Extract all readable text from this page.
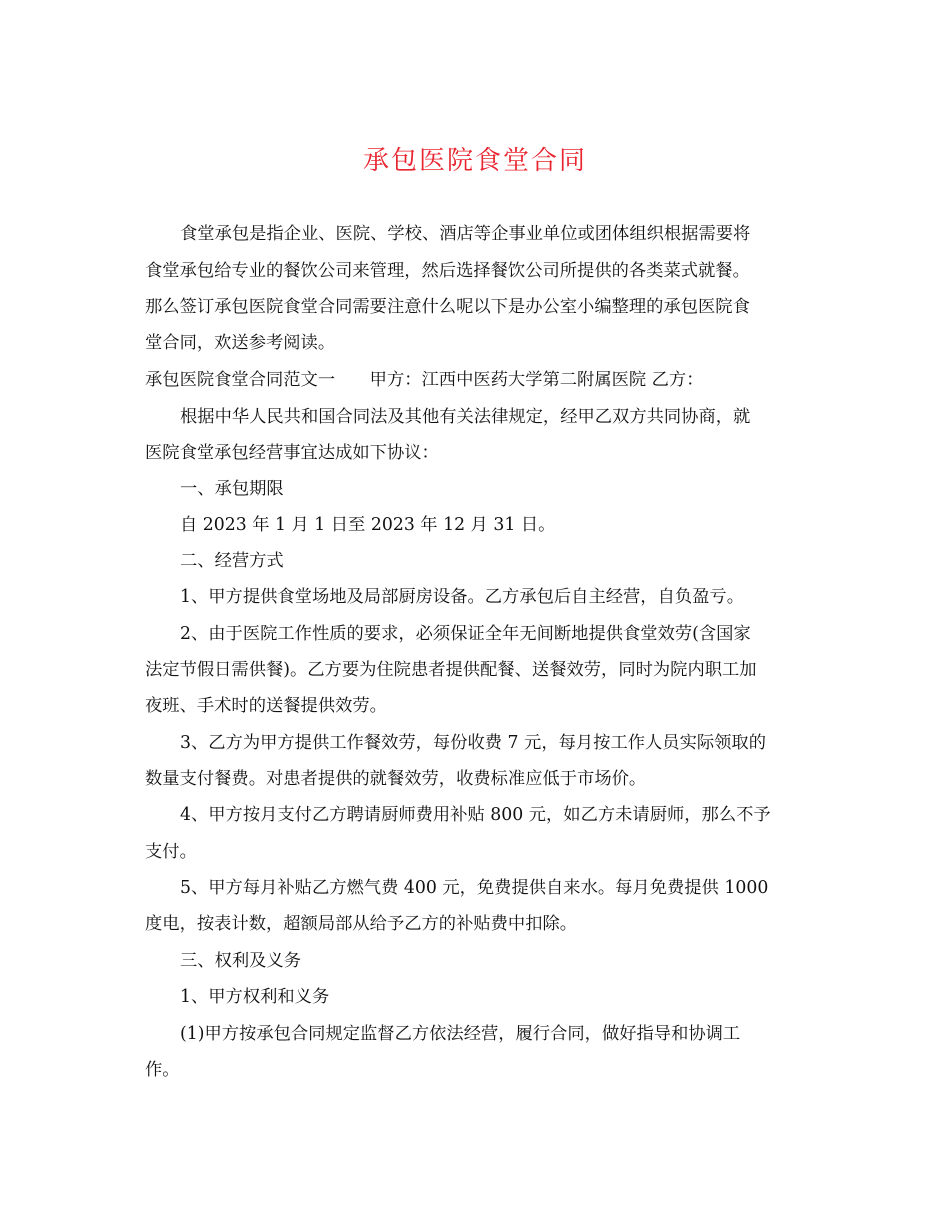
承包医院食堂合同
食堂承包是指企业、医院、学校、酒店等企事业单位或团体组织根据需要将
食堂承包给专业的餐饮公司来管理，然后选择餐饮公司所提供的各类菜式就餐。
那么签订承包医院食堂合同需要注意什么呢以下是办公室小编整理的承包医院食
堂合同，欢送参考阅读。
承包医院食堂合同范文一　　甲方：江西中医药大学第二附属医院 乙方：
根据中华人民共和国合同法及其他有关法律规定，经甲乙双方共同协商，就
医院食堂承包经营事宜达成如下协议：
一、承包期限
自 2023 年 1 月 1 日至 2023 年 12 月 31 日。
二、经营方式
1、甲方提供食堂场地及局部厨房设备。乙方承包后自主经营，自负盈亏。
2、由于医院工作性质的要求，必须保证全年无间断地提供食堂效劳(含国家
法定节假日需供餐)。乙方要为住院患者提供配餐、送餐效劳，同时为院内职工加
夜班、手术时的送餐提供效劳。
3、乙方为甲方提供工作餐效劳，每份收费 7 元，每月按工作人员实际领取的
数量支付餐费。对患者提供的就餐效劳，收费标准应低于市场价。
4、甲方按月支付乙方聘请厨师费用补贴 800 元，如乙方未请厨师，那么不予
支付。
5、甲方每月补贴乙方燃气费 400 元，免费提供自来水。每月免费提供 1000
度电，按表计数，超额局部从给予乙方的补贴费中扣除。
三、权利及义务
1、甲方权利和义务
(1)甲方按承包合同规定监督乙方依法经营，履行合同，做好指导和协调工
作。
